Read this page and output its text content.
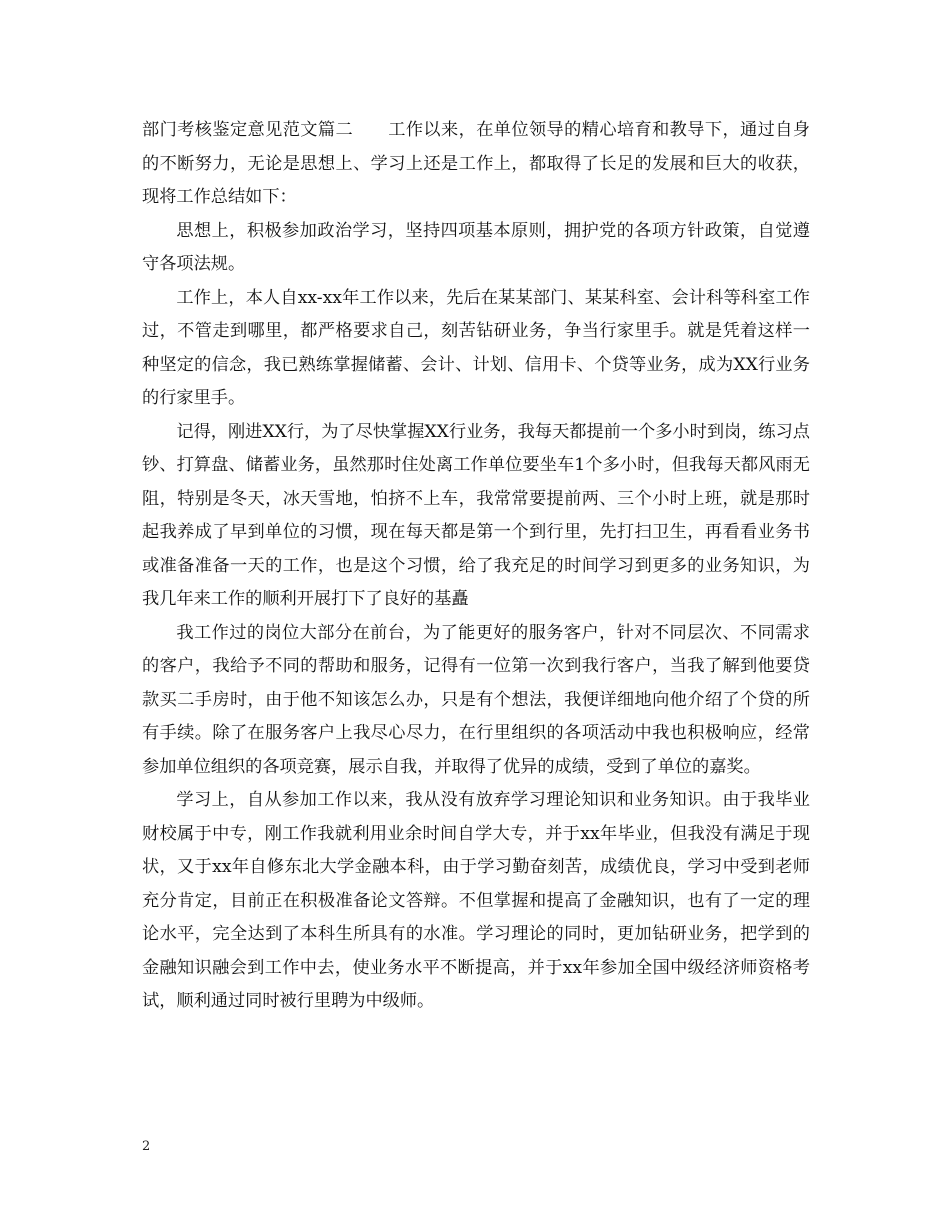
部门考核鉴定意见范文篇二　　工作以来，在单位领导的精心培育和教导下，通过自身的不断努力，无论是思想上、学习上还是工作上，都取得了长足的发展和巨大的收获，现将工作总结如下：

思想上，积极参加政治学习，坚持四项基本原则，拥护党的各项方针政策，自觉遵守各项法规。

工作上，本人自xx-xx年工作以来，先后在某某部门、某某科室、会计科等科室工作过，不管走到哪里，都严格要求自己，刻苦钻研业务，争当行家里手。就是凭着这样一种坚定的信念，我已熟练掌握储蓄、会计、计划、信用卡、个贷等业务，成为XX行业务的行家里手。

记得，刚进XX行，为了尽快掌握XX行业务，我每天都提前一个多小时到岗，练习点钞、打算盘、储蓄业务，虽然那时住处离工作单位要坐车1个多小时，但我每天都风雨无阻，特别是冬天，冰天雪地，怕挤不上车，我常常要提前两、三个小时上班，就是那时起我养成了早到单位的习惯，现在每天都是第一个到行里，先打扫卫生，再看看业务书或准备准备一天的工作，也是这个习惯，给了我充足的时间学习到更多的业务知识，为我几年来工作的顺利开展打下了良好的基矗

我工作过的岗位大部分在前台，为了能更好的服务客户，针对不同层次、不同需求的客户，我给予不同的帮助和服务，记得有一位第一次到我行客户，当我了解到他要贷款买二手房时，由于他不知该怎么办，只是有个想法，我便详细地向他介绍了个贷的所有手续。除了在服务客户上我尽心尽力，在行里组织的各项活动中我也积极响应，经常参加单位组织的各项竞赛，展示自我，并取得了优异的成绩，受到了单位的嘉奖。

学习上，自从参加工作以来，我从没有放弃学习理论知识和业务知识。由于我毕业财校属于中专，刚工作我就利用业余时间自学大专，并于xx年毕业，但我没有满足于现状，又于xx年自修东北大学金融本科，由于学习勤奋刻苦，成绩优良，学习中受到老师充分肯定，目前正在积极准备论文答辩。不但掌握和提高了金融知识，也有了一定的理论水平，完全达到了本科生所具有的水准。学习理论的同时，更加钻研业务，把学到的金融知识融会到工作中去，使业务水平不断提高，并于xx年参加全国中级经济师资格考试，顺利通过同时被行里聘为中级师。

2
